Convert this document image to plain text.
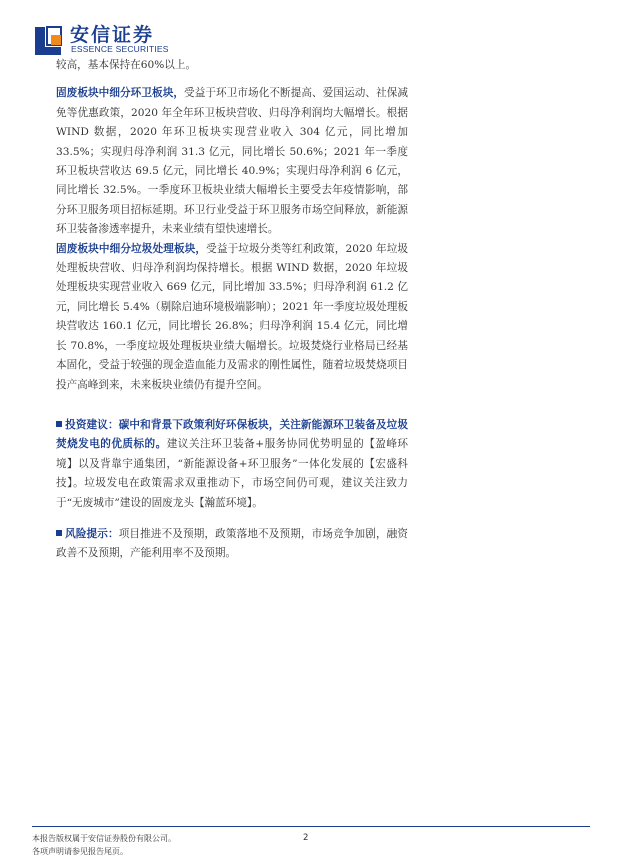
安信证券
ESSENCE SECURITIES

较高，基本保持在60%以上。

固废板块中细分环卫板块，受益于环卫市场化不断提高、爱国运动、社保减免等优惠政策，2020 年全年环卫板块营收、归母净利润均大幅增长。根据 WIND 数据，2020 年环卫板块实现营业收入 304 亿元，同比增加 33.5%；实现归母净利润 31.3 亿元，同比增长 50.6%；2021 年一季度环卫板块营收达 69.5 亿元，同比增长 40.9%；实现归母净利润 6 亿元，同比增长 32.5%。一季度环卫板块业绩大幅增长主要受去年疫情影响，部分环卫服务项目招标延期。环卫行业受益于环卫服务市场空间释放，新能源环卫装备渗透率提升，未来业绩有望快速增长。

固废板块中细分垃圾处理板块，受益于垃圾分类等红利政策，2020 年垃圾处理板块营收、归母净利润均保持增长。根据 WIND 数据，2020 年垃圾处理板块实现营业收入 669 亿元，同比增加 33.5%；归母净利润 61.2 亿元，同比增长 5.4%（剔除启迪环境极端影响）；2021 年一季度垃圾处理板块营收达 160.1 亿元，同比增长 26.8%；归母净利润 15.4 亿元，同比增长 70.8%，一季度垃圾处理板块业绩大幅增长。垃圾焚烧行业格局已经基本固化，受益于较强的现金造血能力及需求的刚性属性，随着垃圾焚烧项目投产高峰到来，未来板块业绩仍有提升空间。

投资建议：碳中和背景下政策利好环保板块，关注新能源环卫装备及垃圾焚烧发电的优质标的。建议关注环卫装备+服务协同优势明显的【盈峰环境】以及背靠宇通集团，“新能源设备+环卫服务”一体化发展的【宏盛科技】。垃圾发电在政策需求双重推动下，市场空间仍可观，建议关注致力于“无废城市”建设的固废龙头【瀚蓝环境】。

风险提示：项目推进不及预期，政策落地不及预期，市场竞争加剧，融资政善不及预期，产能利用率不及预期。

本报告版权属于安信证券股份有限公司。
各项声明请参见报告尾页。
2
